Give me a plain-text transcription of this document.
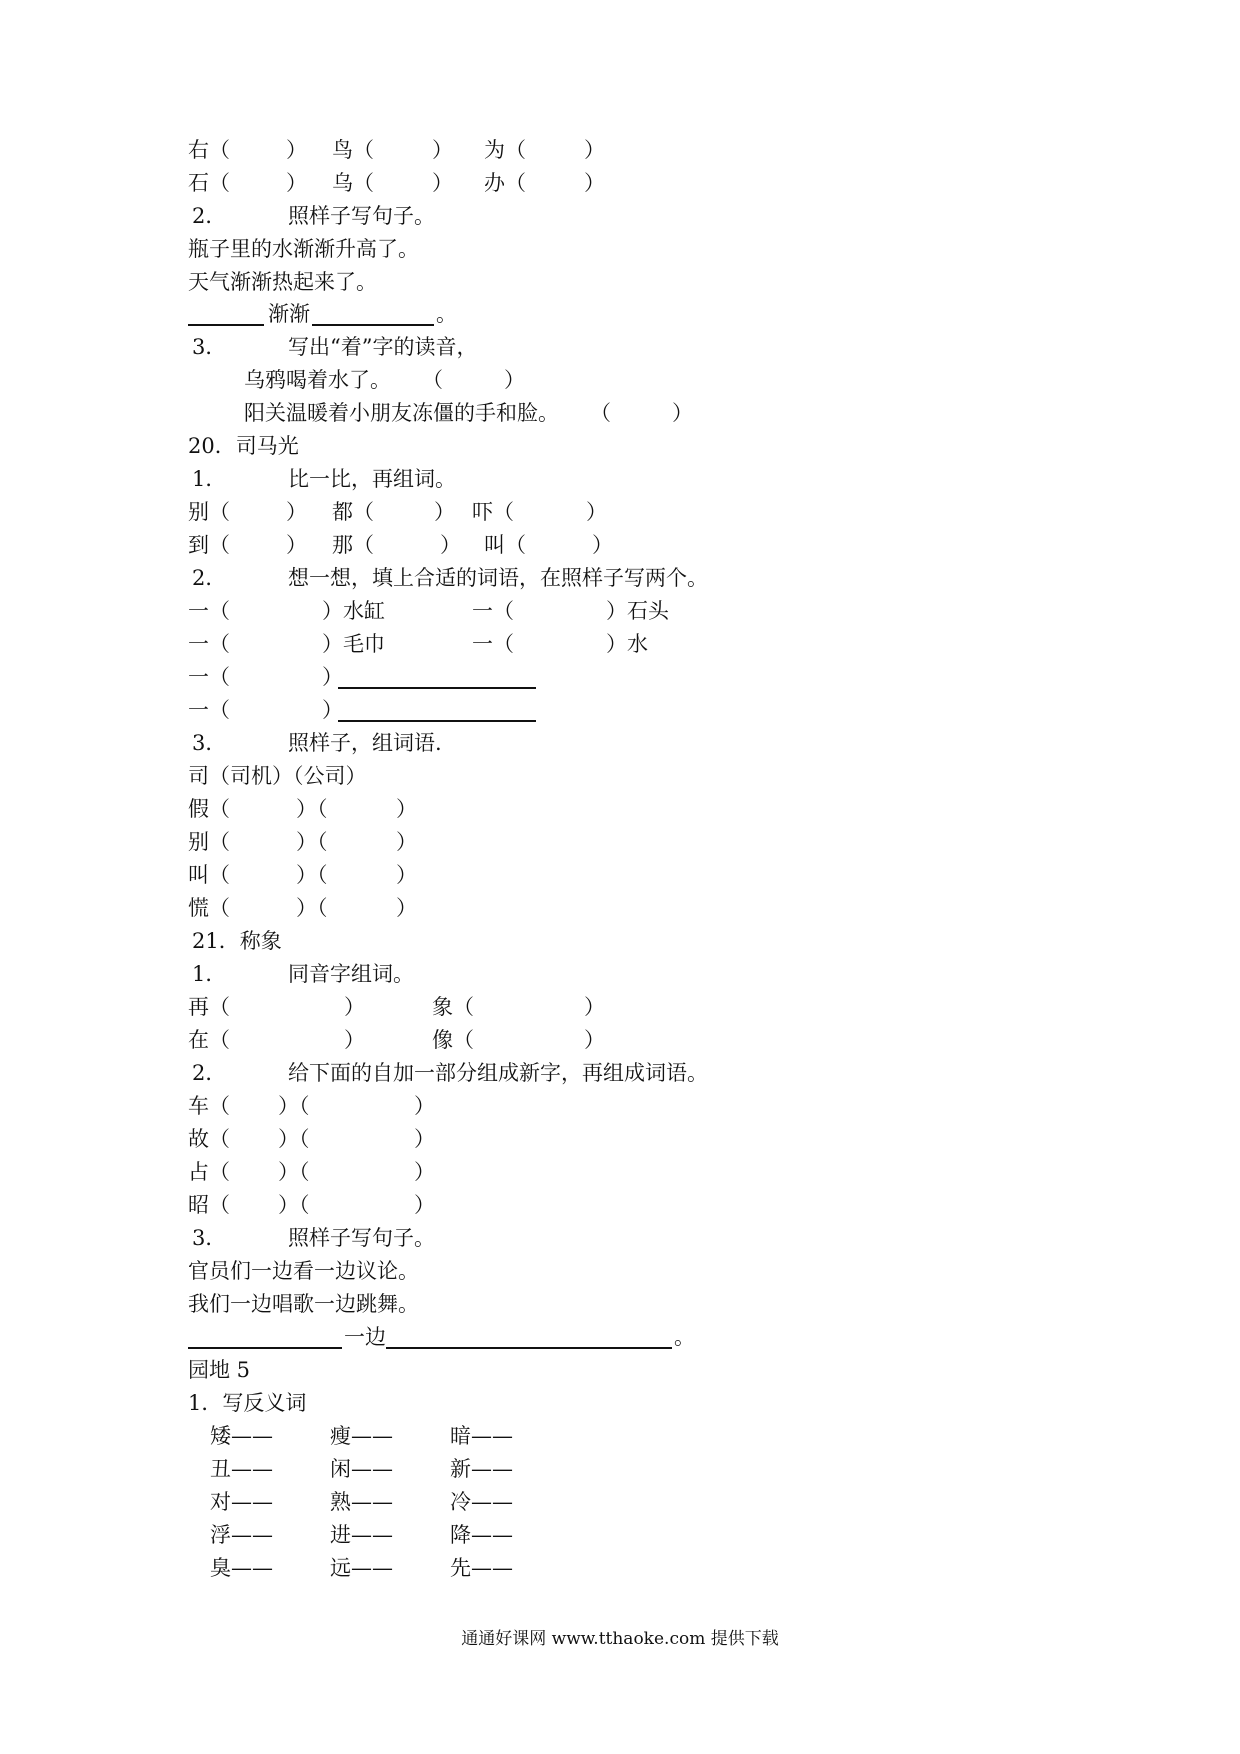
右（	） 鸟（	） 为（	）
石（	） 乌（	） 办（	）
2．	照样子写句子。
瓶子里的水渐渐升高了。
天气渐渐热起来了。
渐渐	。
3．	写出“着”字的读音，
乌鸦喝着水了。 （	）
阳关温暖着小朋友冻僵的手和脸。 （	）
20．司马光
1．	比一比，再组词。
别（	） 都（	） 吓（	）
到（	） 那（	） 叫（	）
2．	想一想，填上合适的词语，在照样子写两个。
一（	）水缸	一（	）石头
一（	）毛巾	一（	）水
一（	）
一（	）
3．	照样子，组词语.
司（司机）（公司）
假（	）（	）
别（	）（	）
叫（	）（	）
慌（	）（	）
21．称象
1．	同音字组词。
再（	）	象（	）
在（	）	像（	）
2．	给下面的自加一部分组成新字，再组成词语。
车（ ）（	）
故（ ）（	）
占（ ）（	）
昭（ ）（	）
3．	照样子写句子。
官员们一边看一边议论。
我们一边唱歌一边跳舞。
一边	。
园地 5
1．写反义词
矮——	瘦——	暗——
丑——	闲——	新——
对——	熟——	冷——
浮——	进——	降——
臭——	远——	先——
通通好课网 www.tthaoke.com 提供下载
